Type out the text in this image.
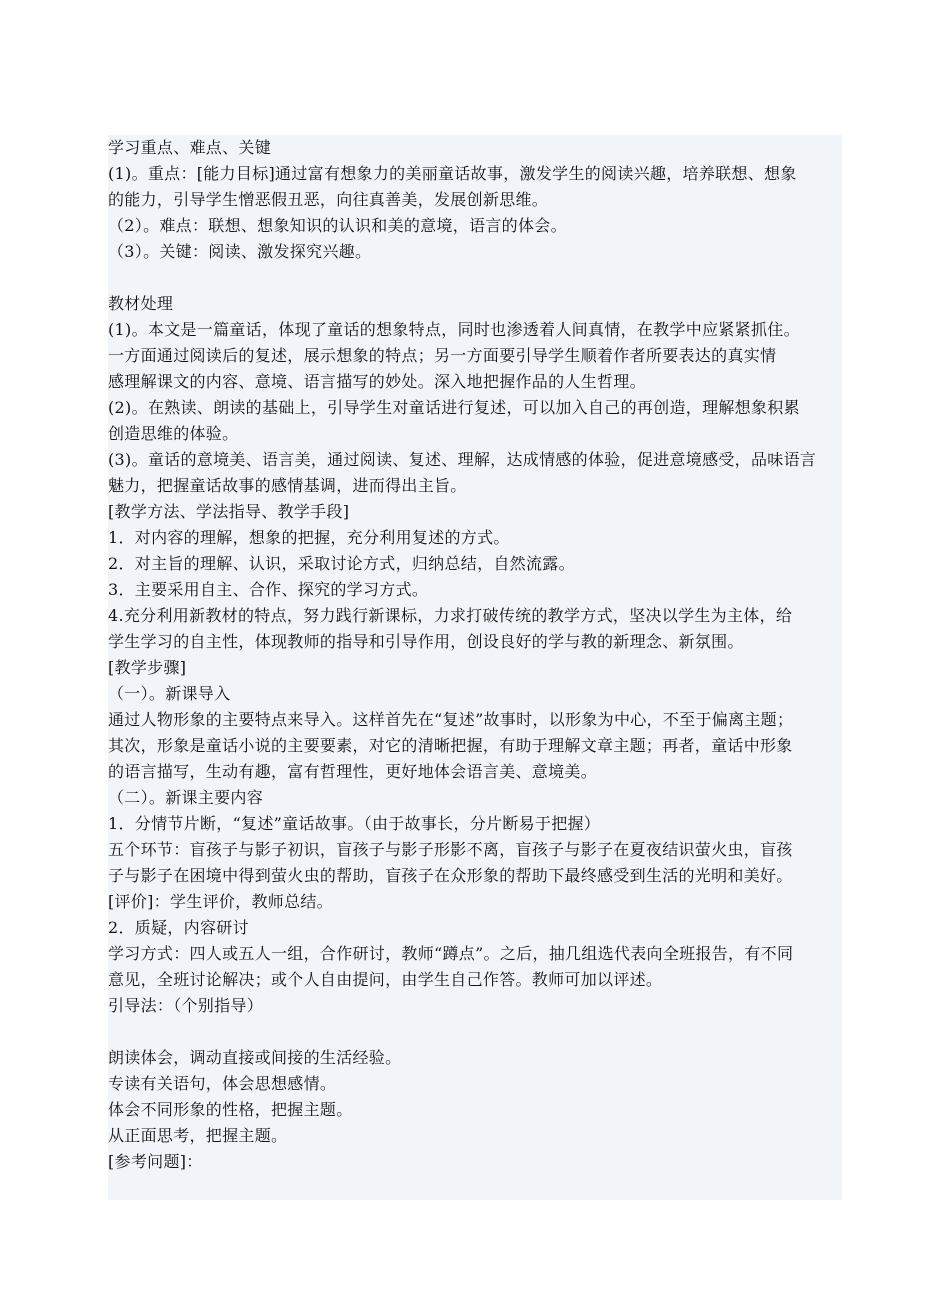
学习重点、难点、关键
(1)。重点：[能力目标]通过富有想象力的美丽童话故事，激发学生的阅读兴趣，培养联想、想象
的能力，引导学生憎恶假丑恶，向往真善美，发展创新思维。
（2）。难点：联想、想象知识的认识和美的意境，语言的体会。
（3）。关键：阅读、激发探究兴趣。
教材处理
(1)。本文是一篇童话，体现了童话的想象特点，同时也渗透着人间真情，在教学中应紧紧抓住。
一方面通过阅读后的复述，展示想象的特点；另一方面要引导学生顺着作者所要表达的真实情
感理解课文的内容、意境、语言描写的妙处。深入地把握作品的人生哲理。
(2)。在熟读、朗读的基础上，引导学生对童话进行复述，可以加入自己的再创造，理解想象积累
创造思维的体验。
(3)。童话的意境美、语言美，通过阅读、复述、理解，达成情感的体验，促进意境感受，品味语言
魅力，把握童话故事的感情基调，进而得出主旨。
[教学方法、学法指导、教学手段]
1．对内容的理解，想象的把握，充分利用复述的方式。
2．对主旨的理解、认识，采取讨论方式，归纳总结，自然流露。
3．主要采用自主、合作、探究的学习方式。
4.充分利用新教材的特点，努力践行新课标，力求打破传统的教学方式，坚决以学生为主体，给
学生学习的自主性，体现教师的指导和引导作用，创设良好的学与教的新理念、新氛围。
[教学步骤]
（一）。新课导入
通过人物形象的主要特点来导入。这样首先在“复述”故事时，以形象为中心，不至于偏离主题；
其次，形象是童话小说的主要要素，对它的清晰把握，有助于理解文章主题；再者，童话中形象
的语言描写，生动有趣，富有哲理性，更好地体会语言美、意境美。
（二）。新课主要内容
1．分情节片断，“复述”童话故事。（由于故事长，分片断易于把握）
五个环节：盲孩子与影子初识，盲孩子与影子形影不离，盲孩子与影子在夏夜结识萤火虫，盲孩
子与影子在困境中得到萤火虫的帮助，盲孩子在众形象的帮助下最终感受到生活的光明和美好。
[评价]：学生评价，教师总结。
2．质疑，内容研讨
学习方式：四人或五人一组，合作研讨，教师“蹲点”。之后，抽几组选代表向全班报告，有不同
意见，全班讨论解决；或个人自由提问，由学生自己作答。教师可加以评述。
引导法：（个别指导）
朗读体会，调动直接或间接的生活经验。
专读有关语句，体会思想感情。
体会不同形象的性格，把握主题。
从正面思考，把握主题。
[参考问题]：
